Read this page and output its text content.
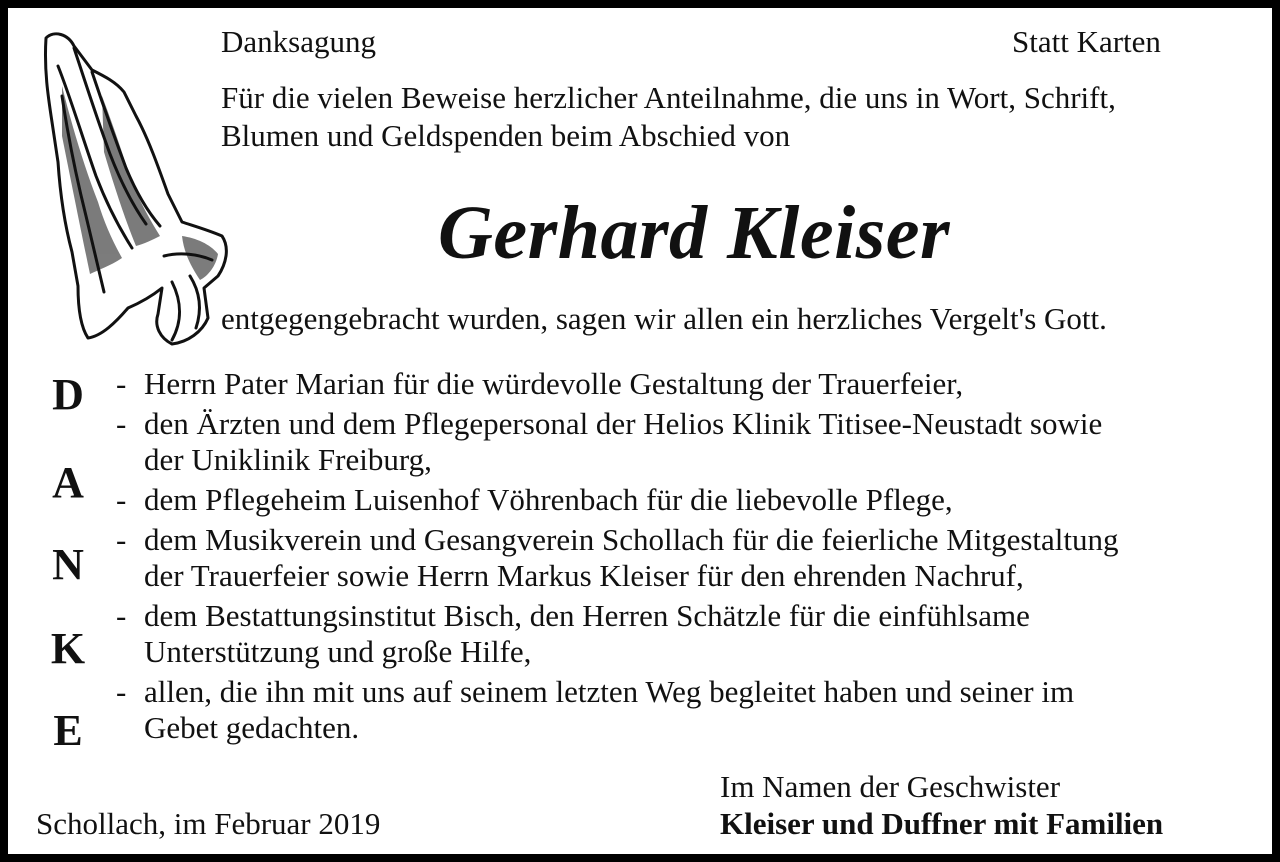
Danksagung	Statt Karten
Für die vielen Beweise herzlicher Anteilnahme, die uns in Wort, Schrift,
Blumen und Geldspenden beim Abschied von
Gerhard Kleiser
entgegengebracht wurden, sagen wir allen ein herzliches Vergelt's Gott.
D
A
N
K
E
- Herrn Pater Marian für die würdevolle Gestaltung der Trauerfeier,
- den Ärzten und dem Pflegepersonal der Helios Klinik Titisee-Neustadt sowie
der Uniklinik Freiburg,
- dem Pflegeheim Luisenhof Vöhrenbach für die liebevolle Pflege,
- dem Musikverein und Gesangverein Schollach für die feierliche Mitgestaltung
der Trauerfeier sowie Herrn Markus Kleiser für den ehrenden Nachruf,
- dem Bestattungsinstitut Bisch, den Herren Schätzle für die einfühlsame
Unterstützung und große Hilfe,
- allen, die ihn mit uns auf seinem letzten Weg begleitet haben und seiner im
Gebet gedachten.
Schollach, im Februar 2019
Im Namen der Geschwister
Kleiser und Duffner mit Familien
